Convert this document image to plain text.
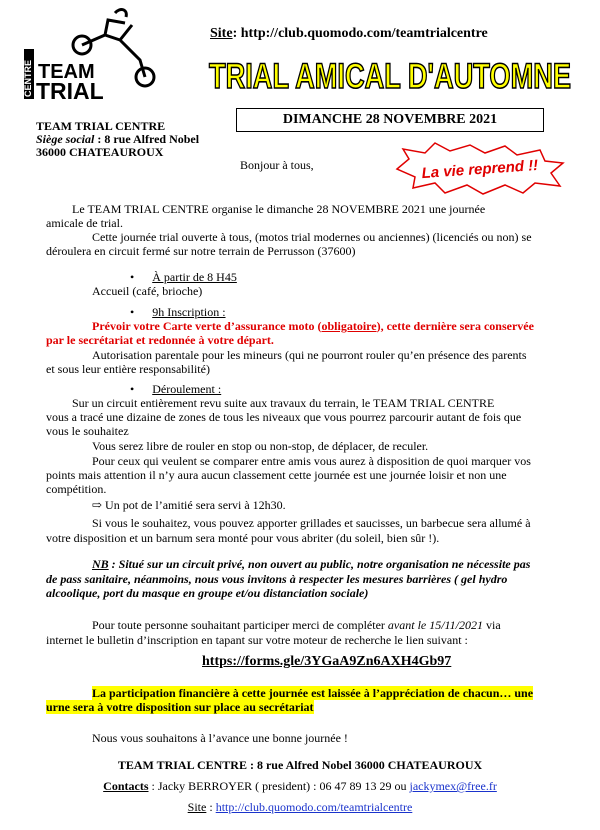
CENTRE TEAM
TRIAL
Site: http://club.quomodo.com/teamtrialcentre
TRIAL AMICAL D'AUTOMNE
DIMANCHE 28 NOVEMBRE 2021
TEAM TRIAL CENTRE
Siège social : 8 rue Alfred Nobel
36000 CHATEAUROUX
La vie reprend !!
Bonjour à tous,
Le TEAM TRIAL CENTRE organise le dimanche 28 NOVEMBRE 2021 une journée
amicale de trial.
Cette journée trial ouverte à tous, (motos trial modernes ou anciennes) (licenciés ou non) se
déroulera en circuit fermé sur notre terrain de Perrusson (37600)
•      À partir de 8 H45
Accueil (café, brioche)
•      9h Inscription :
Prévoir votre Carte verte d’assurance moto (obligatoire), cette dernière sera conservée
par le secrétariat et redonnée à votre départ.
Autorisation parentale pour les mineurs (qui ne pourront rouler qu’en présence des parents
et sous leur entière responsabilité)
•      Déroulement :
Sur un circuit entièrement revu suite aux travaux du terrain, le TEAM TRIAL CENTRE
vous a tracé une dizaine de zones de tous les niveaux que vous pourrez parcourir autant de fois que
vous le souhaitez
Vous serez libre de rouler en stop ou non-stop, de déplacer, de reculer.
Pour ceux qui veulent se comparer entre amis vous aurez à disposition de quoi marquer vos
points mais attention il n’y aura aucun classement cette journée est une journée loisir et non une
compétition.
⇨ Un pot de l’amitié sera servi à 12h30.
Si vous le souhaitez, vous pouvez apporter grillades et saucisses, un barbecue sera allumé à
votre disposition et un barnum sera monté pour vous abriter (du soleil, bien sûr !).
NB : Situé sur un circuit privé, non ouvert au public, notre organisation ne nécessite pas
de pass sanitaire, néanmoins, nous vous invitons à respecter les mesures barrières ( gel hydro
alcoolique, port du masque en groupe et/ou distanciation sociale)
Pour toute personne souhaitant participer merci de compléter avant le 15/11/2021 via
internet le bulletin d’inscription en tapant sur votre moteur de recherche le lien suivant :
https://forms.gle/3YGaA9Zn6AXH4Gb97
La participation financière à cette journée est laissée à l’appréciation de chacun… une
urne sera à votre disposition sur place au secrétariat
Nous vous souhaitons à l’avance une bonne journée !
TEAM TRIAL CENTRE : 8 rue Alfred Nobel 36000 CHATEAUROUX
Contacts : Jacky BERROYER ( president) : 06 47 89 13 29 ou jackymex@free.fr
Site : http://club.quomodo.com/teamtrialcentre
